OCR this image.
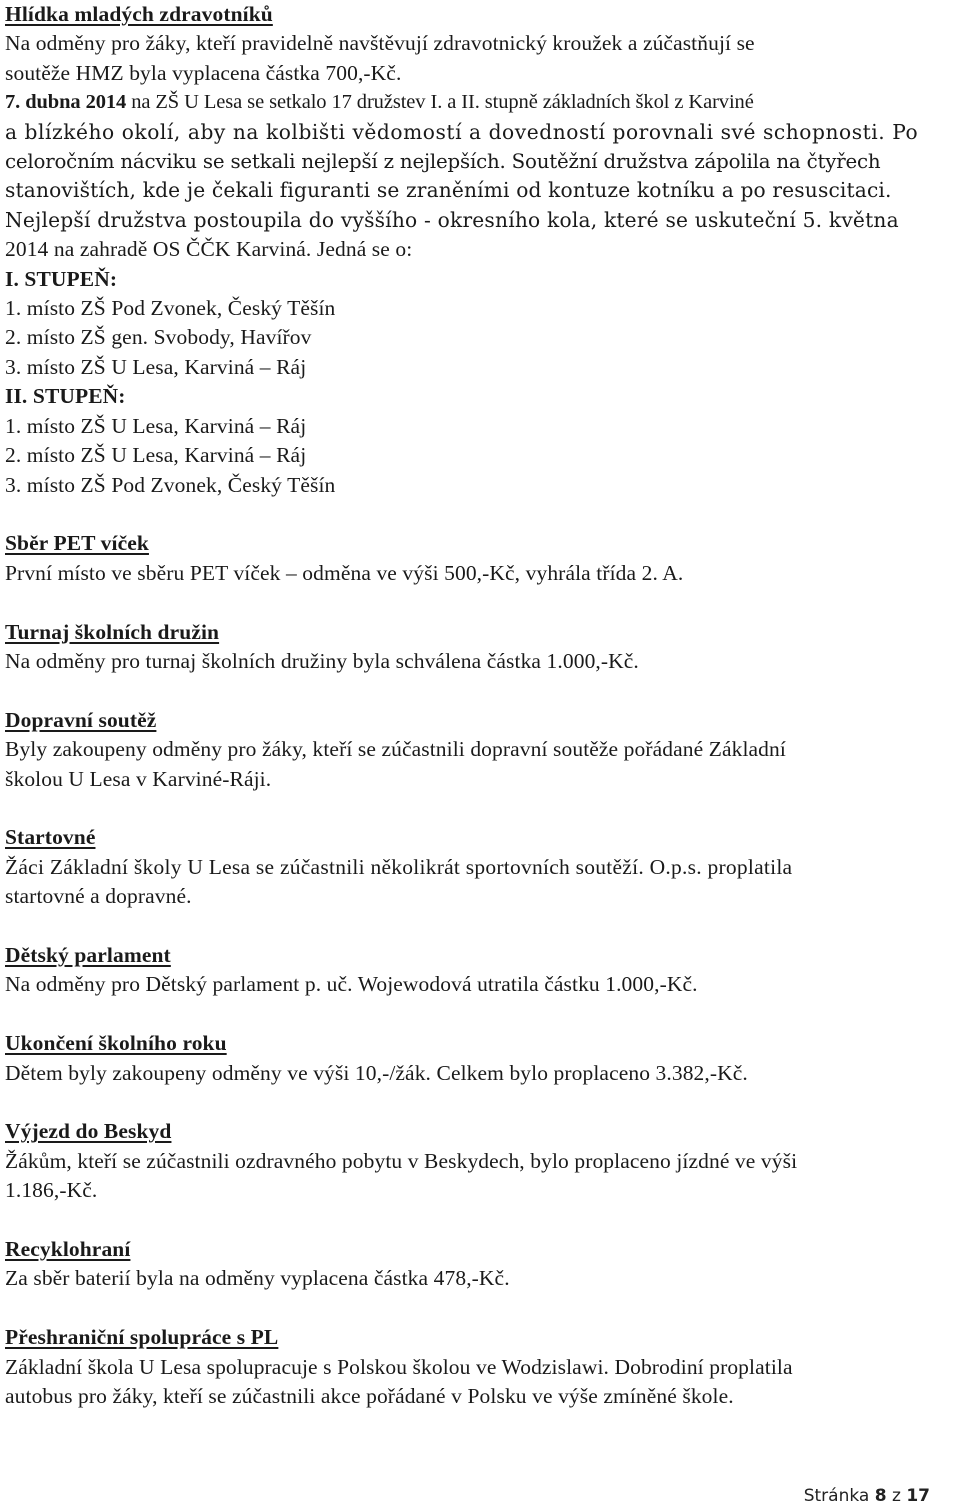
Hlídka mladých zdravotníků
Na odměny pro žáky, kteří pravidelně navštěvují zdravotnický kroužek a zúčastňují se
soutěže HMZ byla vyplacena částka 700,-Kč.
7. dubna 2014 na ZŠ U Lesa se setkalo 17 družstev I. a II. stupně základních škol z Karviné
a blízkého okolí, aby na kolbišti vědomostí a dovedností porovnali své schopnosti. Po
celoročním nácviku se setkali nejlepší z nejlepších. Soutěžní družstva zápolila na čtyřech
stanovištích, kde je čekali figuranti se zraněními od kontuze kotníku a po resuscitaci.
Nejlepší družstva postoupila do vyššího - okresního kola, které se uskuteční 5. května
2014 na zahradě OS ČČK Karviná. Jedná se o:
I. STUPEŇ:
1. místo ZŠ Pod Zvonek, Český Těšín
2. místo ZŠ gen. Svobody, Havířov
3. místo ZŠ U Lesa, Karviná – Ráj
II. STUPEŇ:
1. místo ZŠ U Lesa, Karviná – Ráj
2. místo ZŠ U Lesa, Karviná – Ráj
3. místo ZŠ Pod Zvonek, Český Těšín
Sběr PET víček
První místo ve sběru PET víček – odměna ve výši 500,-Kč, vyhrála třída 2. A.
Turnaj školních družin
Na odměny pro turnaj školních družiny byla schválena částka 1.000,-Kč.
Dopravní soutěž
Byly zakoupeny odměny pro žáky, kteří se zúčastnili dopravní soutěže pořádané Základní
školou U Lesa v Karviné-Ráji.
Startovné
Žáci Základní školy U Lesa se zúčastnili několikrát sportovních soutěží. O.p.s. proplatila
startovné a dopravné.
Dětský parlament
Na odměny pro Dětský parlament p. uč. Wojewodová utratila částku 1.000,-Kč.
Ukončení školního roku
Dětem byly zakoupeny odměny ve výši 10,-/žák. Celkem bylo proplaceno 3.382,-Kč.
Výjezd do Beskyd
Žákům, kteří se zúčastnili ozdravného pobytu v Beskydech, bylo proplaceno jízdné ve výši
1.186,-Kč.
Recyklohraní
Za sběr baterií byla na odměny vyplacena částka 478,-Kč.
Přeshraniční spolupráce s PL
Základní škola U Lesa spolupracuje s Polskou školou ve Wodzislawi. Dobrodiní proplatila
autobus pro žáky, kteří se zúčastnili akce pořádané v Polsku ve výše zmíněné škole.
Stránka 8 z 17
